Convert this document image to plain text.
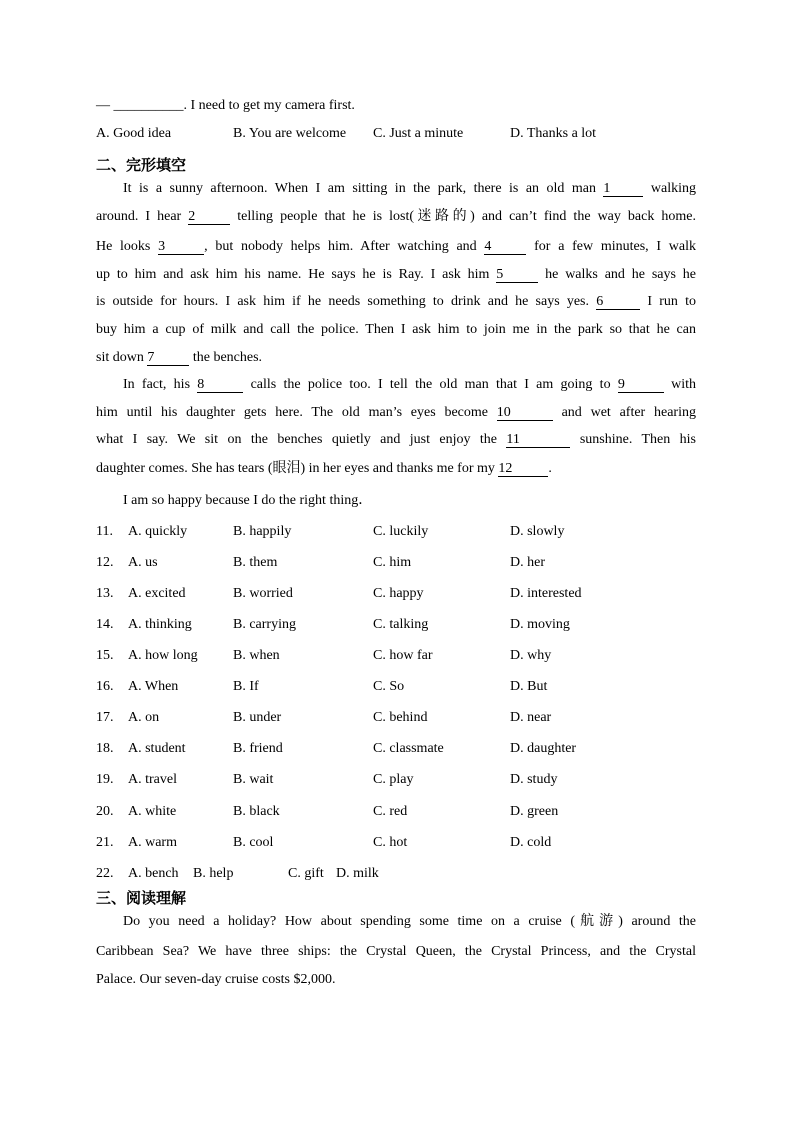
— __________. I need to get my camera first.
A. Good idea	B. You are welcome C. Just a minute	D. Thanks a lot
二、完形填空
It is a sunny afternoon. When I am sitting in the park, there is an old man 1 walking
around. I hear 2	telling people that he is lost(迷路的) and can’t find the way back home.
He looks 3	, but nobody helps him. After watching and 4	for a few minutes, I walk
up to him and ask him his name. He says he is Ray. I ask him 5	he walks and he says he
is outside for hours. I ask him if he needs something to drink and he says yes. 6	I run to
buy him a cup of milk and call the police. Then I ask him to join me in the park so that he can
sit down 7	the benches.
In fact, his 8	calls the police too. I tell the old man that I am going to 9	with
him until his daughter gets here. The old man’s eyes become 10	and wet after hearing
what I say. We sit on the benches quietly and just enjoy the 11	sunshine. Then his
daughter comes. She has tears (眼泪) in her eyes and thanks me for my 12	.
I am so happy because I do the right thing．
11. A. quickly	B. happily	C. luckily	D. slowly
12. A. us	B. them	C. him	D. her
13. A. excited	B. worried	C. happy	D. interested
14. A. thinking	B. carrying	C. talking	D. moving
15. A. how long	B. when	C. how far	D. why
16. A. When	B. If	C. So	D. But
17. A. on	B. under	C. behind	D. near
18. A. student	B. friend	C. classmate	D. daughter
19. A. travel	B. wait	C. play	D. study
20. A. white	B. black	C. red	D. green
21. A. warm	B. cool	C. hot	D. cold
22. A. bench B. help	C. gift D. milk
三、阅读理解
Do you need a holiday? How about spending some time on a cruise (航游) around the
Caribbean Sea? We have three ships: the Crystal Queen, the Crystal Princess, and the Crystal
Palace. Our seven-day cruise costs $2,000.
